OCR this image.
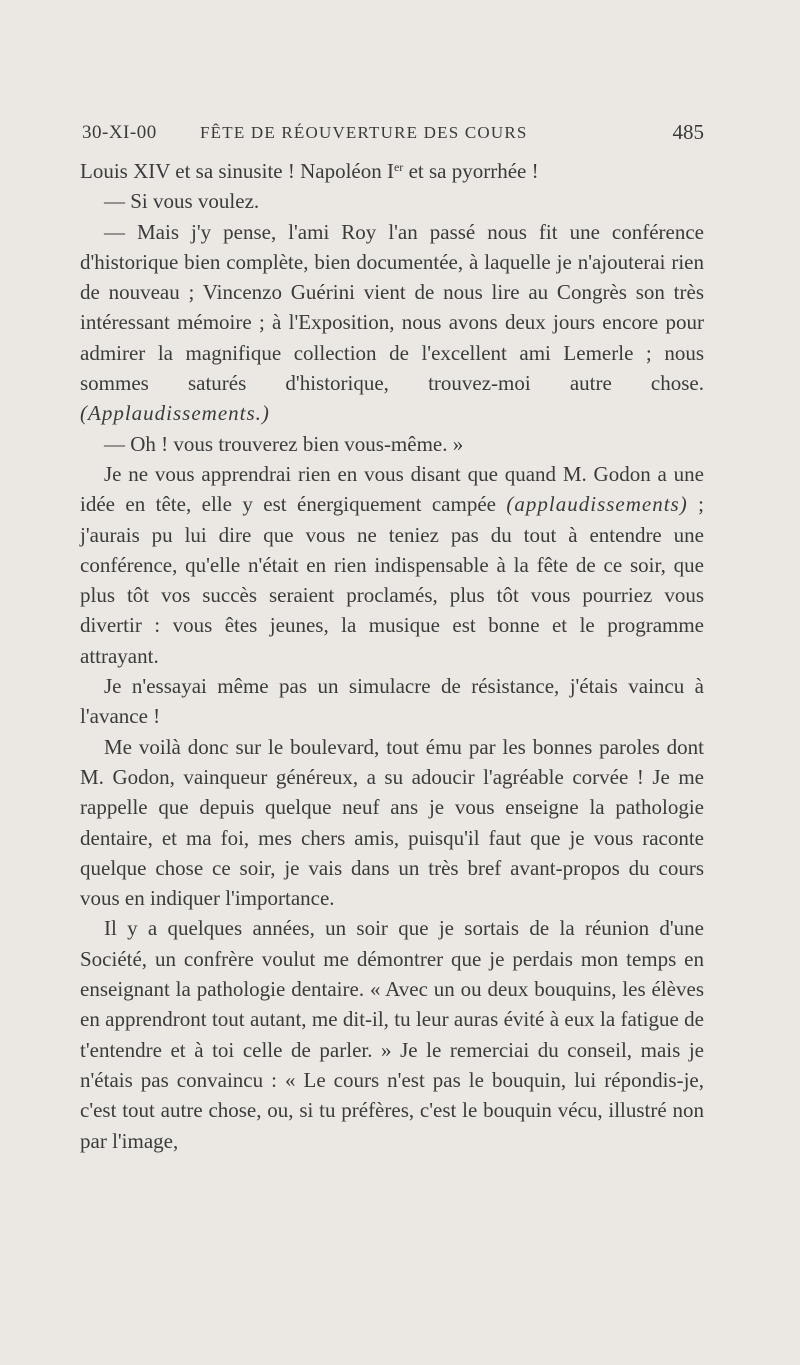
30-XI-00	FÊTE DE RÉOUVERTURE DES COURS	485

Louis XIV et sa sinusite ! Napoléon Ier et sa pyorrhée !

— Si vous voulez.

— Mais j'y pense, l'ami Roy l'an passé nous fit une conférence d'historique bien complète, bien documentée, à laquelle je n'ajouterai rien de nouveau ; Vincenzo Guérini vient de nous lire au Congrès son très intéressant mémoire ; à l'Exposition, nous avons deux jours encore pour admirer la magnifique collection de l'excellent ami Lemerle ; nous sommes saturés d'historique, trouvez-moi autre chose. (Applaudissements.)

— Oh ! vous trouverez bien vous-même. »

Je ne vous apprendrai rien en vous disant que quand M. Godon a une idée en tête, elle y est énergiquement campée (applaudissements) ; j'aurais pu lui dire que vous ne teniez pas du tout à entendre une conférence, qu'elle n'était en rien indispensable à la fête de ce soir, que plus tôt vos succès seraient proclamés, plus tôt vous pourriez vous divertir : vous êtes jeunes, la musique est bonne et le programme attrayant.

Je n'essayai même pas un simulacre de résistance, j'étais vaincu à l'avance !

Me voilà donc sur le boulevard, tout ému par les bonnes paroles dont M. Godon, vainqueur généreux, a su adoucir l'agréable corvée ! Je me rappelle que depuis quelque neuf ans je vous enseigne la pathologie dentaire, et ma foi, mes chers amis, puisqu'il faut que je vous raconte quelque chose ce soir, je vais dans un très bref avant-propos du cours vous en indiquer l'importance.

Il y a quelques années, un soir que je sortais de la réunion d'une Société, un confrère voulut me démontrer que je perdais mon temps en enseignant la pathologie dentaire. « Avec un ou deux bouquins, les élèves en apprendront tout autant, me dit-il, tu leur auras évité à eux la fatigue de t'entendre et à toi celle de parler. » Je le remerciai du conseil, mais je n'étais pas convaincu : « Le cours n'est pas le bouquin, lui répondis-je, c'est tout autre chose, ou, si tu préfères, c'est le bouquin vécu, illustré non par l'image,
